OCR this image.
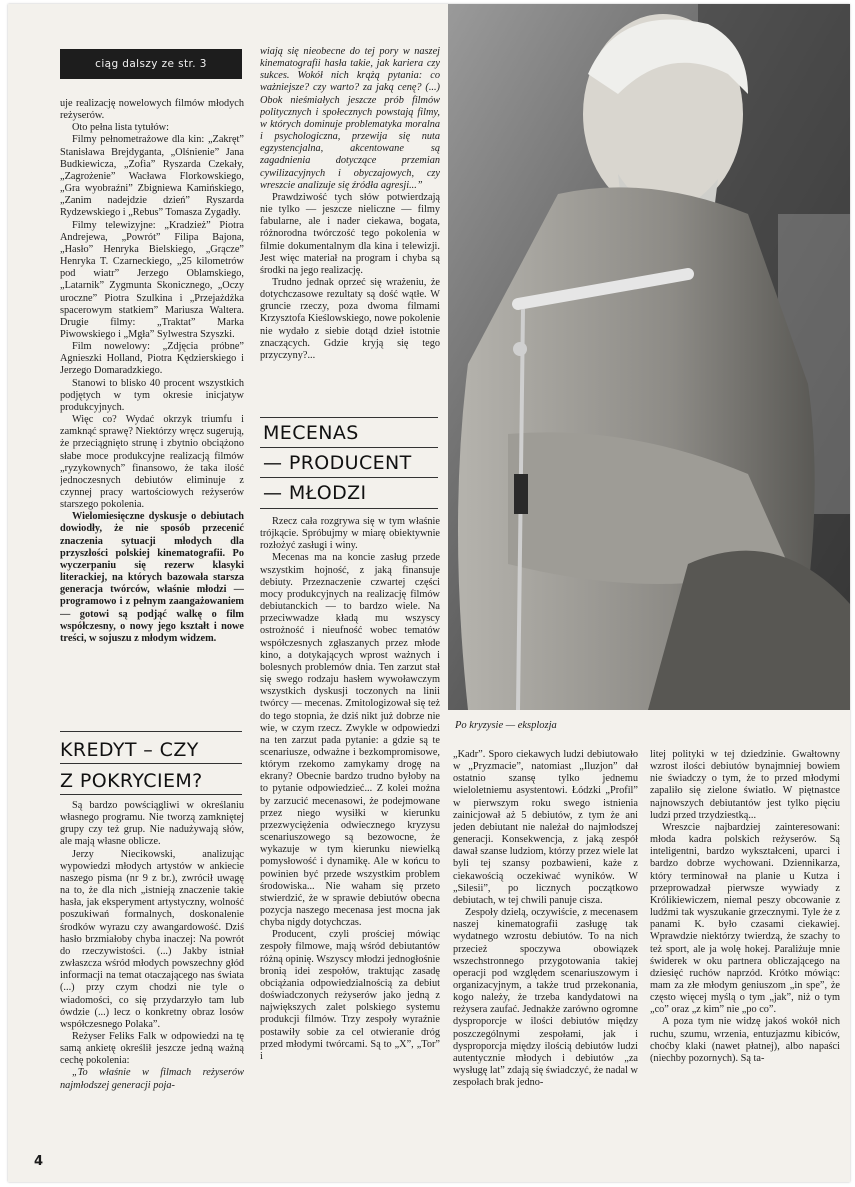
ciąg dalszy ze str. 3

uje realizację nowelowych filmów młodych reżyserów.

Oto pełna lista tytułów:

Filmy pełnometrażowe dla kin: „Zakręt” Stanisława Brejdyganta, „Olśnienie” Jana Budkiewicza, „Zofia” Ryszarda Czekały, „Zagrożenie” Wacława Florkowskiego, „Gra wyobraźni” Zbigniewa Kamińskiego, „Zanim nadejdzie dzień” Ryszarda Rydzewskiego i „Rebus” Tomasza Zygadły.

Filmy telewizyjne: „Kradzież” Piotra Andrejewa, „Powrót” Filipa Bajona, „Hasło” Henryka Bielskiego, „Grącze” Henryka T. Czarneckiego, „25 kilometrów pod wiatr” Jerzego Oblamskiego, „Latarnik” Zygmunta Skonicznego, „Oczy uroczne” Piotra Szulkina i „Przejażdżka spacerowym statkiem” Mariusza Waltera. Drugie filmy: „Traktat” Marka Piwowskiego i „Mgła” Sylwestra Szyszki.

Film nowelowy: „Zdjęcia próbne” Agnieszki Holland, Piotra Kędzierskiego i Jerzego Domaradzkiego.

Stanowi to blisko 40 procent wszystkich podjętych w tym okresie inicjatyw produkcyjnych.

Więc co? Wydać okrzyk triumfu i zamknąć sprawę? Niektórzy wręcz sugerują, że przeciągnięto strunę i zbytnio obciążono słabe moce produkcyjne realizacją filmów „ryzykownych” finansowo, że taka ilość jednoczesnych debiutów eliminuje z czynnej pracy wartościowych reżyserów starszego pokolenia.

Wielomiesięczne dyskusje o debiutach dowiodły, że nie sposób przecenić znaczenia sytuacji młodych dla przyszłości polskiej kinematografii. Po wyczerpaniu się rezerw klasyki literackiej, na których bazowała starsza generacja twórców, właśnie młodzi — programowo i z pełnym zaangażowaniem — gotowi są podjąć walkę o film współczesny, o nowy jego kształt i nowe treści, w sojuszu z młodym widzem.

KREDYT – CZY
Z POKRYCIEM?

Są bardzo powściągliwi w określaniu własnego programu. Nie tworzą zamkniętej grupy czy też grup. Nie nadużywają słów, ale mają własne oblicze.

Jerzy Niecikowski, analizując wypowiedzi młodych artystów w ankiecie naszego pisma (nr 9 z br.), zwrócił uwagę na to, że dla nich „istnieją znaczenie takie hasła, jak eksperyment artystyczny, wolność poszukiwań formalnych, doskonalenie środków wyrazu czy awangardowość. Dziś hasło brzmiałoby chyba inaczej: Na powrót do rzeczywistości. (...) Jakby istniał zwłaszcza wśród młodych powszechny głód informacji na temat otaczającego nas świata (...) przy czym chodzi nie tyle o wiadomości, co się przydarzyło tam lub ówdzie (...) lecz o konkretny obraz losów współczesnego Polaka”.

Reżyser Feliks Falk w odpowiedzi na tę samą ankietę określił jeszcze jedną ważną cechę pokolenia:

„To właśnie w filmach reżyserów najmłodszej generacji poja-

wiają się nieobecne do tej pory w naszej kinematografii hasła takie, jak kariera czy sukces. Wokół nich krążą pytania: co ważniejsze? czy warto? za jaką cenę? (...) Obok nieśmiałych jeszcze prób filmów politycznych i społecznych powstają filmy, w których dominuje problematyka moralna i psychologiczna, przewija się nuta egzystencjalna, akcentowane są zagadnienia dotyczące przemian cywilizacyjnych i obyczajowych, czy wreszcie analizuje się źródła agresji...”

Prawdziwość tych słów potwierdzają nie tylko — jeszcze nieliczne — filmy fabularne, ale i nader ciekawa, bogata, różnorodna twórczość tego pokolenia w filmie dokumentalnym dla kina i telewizji. Jest więc materiał na program i chyba są środki na jego realizację.

Trudno jednak oprzeć się wrażeniu, że dotychczasowe rezultaty są dość wątłe. W gruncie rzeczy, poza dwoma filmami Krzysztofa Kieślowskiego, nowe pokolenie nie wydało z siebie dotąd dzieł istotnie znaczących. Gdzie kryją się tego przyczyny?...

MECENAS
— PRODUCENT
— MŁODZI

Rzecz cała rozgrywa się w tym właśnie trójkącie. Spróbujmy w miarę obiektywnie rozłożyć zasługi i winy.

Mecenas ma na koncie zasług przede wszystkim hojność, z jaką finansuje debiuty. Przeznaczenie czwartej części mocy produkcyjnych na realizację filmów debiutanckich — to bardzo wiele. Na przeciwwadze kładą mu wszyscy ostrożność i nieufność wobec tematów współczesnych zgłaszanych przez młode kino, a dotykających wprost ważnych i bolesnych problemów dnia. Ten zarzut stał się swego rodzaju hasłem wywoławczym wszystkich dyskusji toczonych na linii twórcy — mecenas. Zmitologizował się też do tego stopnia, że dziś nikt już dobrze nie wie, w czym rzecz. Zwykle w odpowiedzi na ten zarzut pada pytanie: a gdzie są te scenariusze, odważne i bezkompromisowe, którym rzekomo zamykamy drogę na ekrany? Obecnie bardzo trudno byłoby na to pytanie odpowiedzieć... Z kolei można by zarzucić mecenasowi, że podejmowane przez niego wysiłki w kierunku przezwyciężenia odwiecznego kryzysu scenariuszowego są bezowocne, że wykazuje w tym kierunku niewielką pomysłowość i dynamikę. Ale w końcu to powinien być przede wszystkim problem środowiska... Nie waham się przeto stwierdzić, że w sprawie debiutów obecna pozycja naszego mecenasa jest mocna jak chyba nigdy dotychczas.

Producent, czyli prościej mówiąc zespoły filmowe, mają wśród debiutantów różną opinię. Wszyscy młodzi jednogłośnie bronią idei zespołów, traktując zasadę obciążania odpowiedzialnością za debiut doświadczonych reżyserów jako jedną z największych zalet polskiego systemu produkcji filmów. Trzy zespoły wyraźnie postawiły sobie za cel otwieranie dróg przed młodymi twórcami. Są to „X”, „Tor” i

Po kryzysie — eksplozja

„Kadr”. Sporo ciekawych ludzi debiutowało w „Pryzmacie”, natomiast „Iluzjon” dał ostatnio szansę tylko jednemu wieloletniemu asystentowi. Łódzki „Profil” w pierwszym roku swego istnienia zainicjował aż 5 debiutów, z tym że ani jeden debiutant nie należał do najmłodszej generacji. Konsekwencja, z jaką zespół dawał szanse ludziom, którzy przez wiele lat byli tej szansy pozbawieni, każe z ciekawością oczekiwać wyników. W „Silesii”, po licznych początkowo debiutach, w tej chwili panuje cisza.

Zespoły dzielą, oczywiście, z mecenasem naszej kinematografii zasługę tak wydatnego wzrostu debiutów. To na nich przecież spoczywa obowiązek wszechstronnego przygotowania takiej operacji pod względem scenariuszowym i organizacyjnym, a także trud przekonania, kogo należy, że trzeba kandydatowi na reżysera zaufać. Jednakże zarówno ogromne dysproporcje w ilości debiutów między poszczególnymi zespołami, jak i dysproporcja między ilością debiutów ludzi autentycznie młodych i debiutów „za wysługę lat” zdają się świadczyć, że nadal w zespołach brak jedno-

litej polityki w tej dziedzinie. Gwałtowny wzrost ilości debiutów bynajmniej bowiem nie świadczy o tym, że to przed młodymi zapaliło się zielone światło. W piętnastce najnowszych debiutantów jest tylko pięciu ludzi przed trzydziestką...

Wreszcie najbardziej zainteresowani: młoda kadra polskich reżyserów. Są inteligentni, bardzo wykształceni, uparci i bardzo dobrze wychowani. Dziennikarza, który terminował na planie u Kutza i przeprowadzał pierwsze wywiady z Królikiewiczem, niemal peszy obcowanie z ludźmi tak wyszukanie grzecznymi. Tyle że z panami K. było czasami ciekawiej. Wprawdzie niektórzy twierdzą, że szachy to też sport, ale ja wolę hokej. Paraliżuje mnie świderek w oku partnera obliczającego na dziesięć ruchów naprzód. Krótko mówiąc: mam za złe młodym geniuszom „in spe”, że często więcej myślą o tym „jak”, niż o tym „co” oraz „z kim” nie „po co”.

A poza tym nie widzę jakoś wokół nich ruchu, szumu, wrzenia, entuzjazmu kibiców, choćby klaki (nawet płatnej), albo napaści (niechby pozornych). Są ta-

4
